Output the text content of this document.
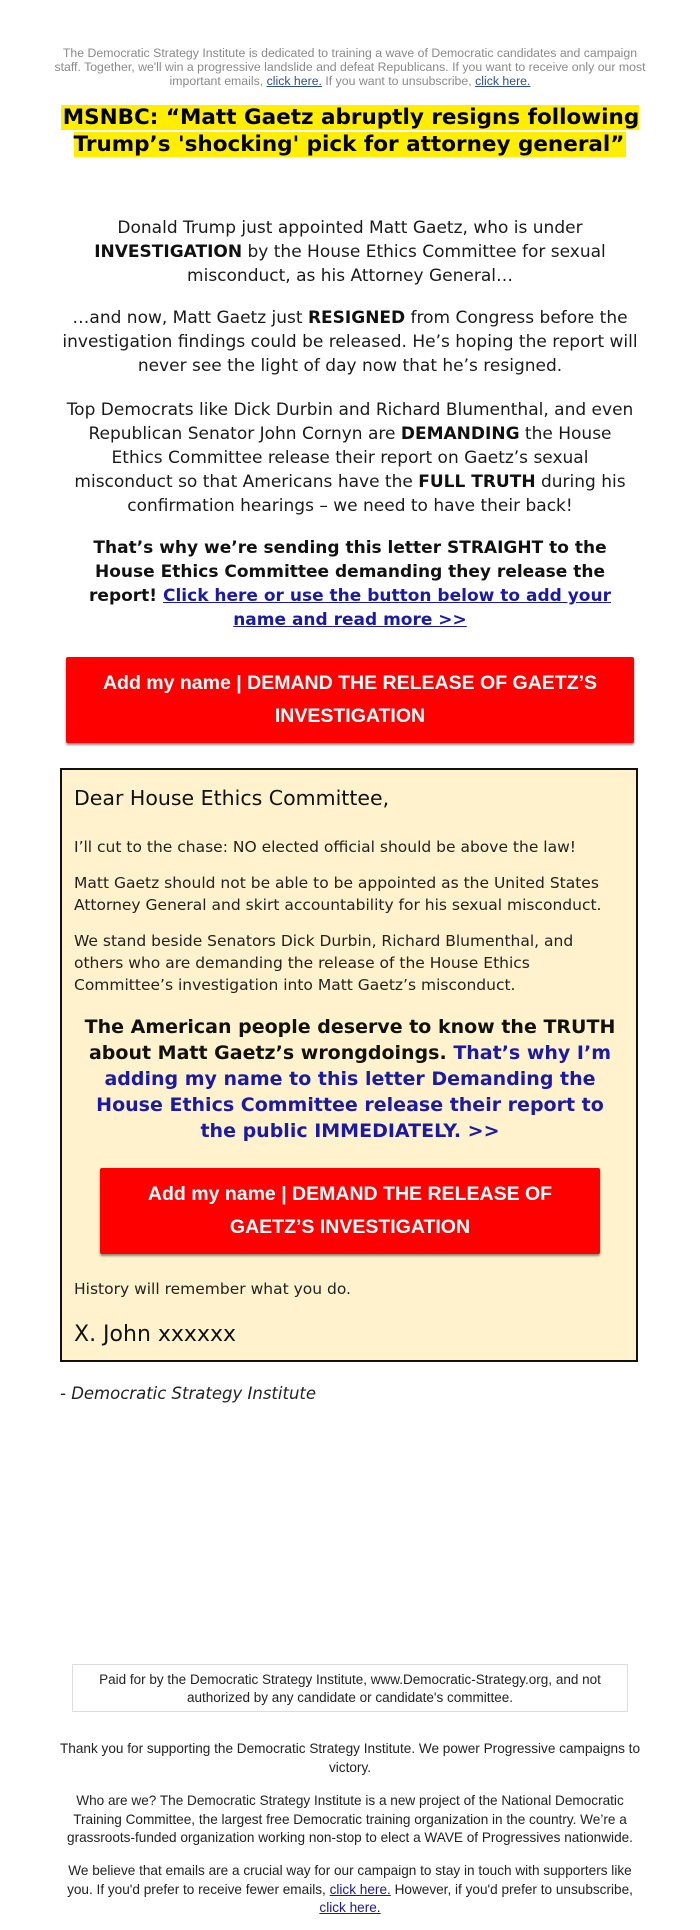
The Democratic Strategy Institute is dedicated to training a wave of Democratic candidates and campaign staff. Together, we'll win a progressive landslide and defeat Republicans. If you want to receive only our most important emails, click here. If you want to unsubscribe, click here.
MSNBC: “Matt Gaetz abruptly resigns following Trump’s 'shocking' pick for attorney general”
Donald Trump just appointed Matt Gaetz, who is under INVESTIGATION by the House Ethics Committee for sexual misconduct, as his Attorney General…
…and now, Matt Gaetz just RESIGNED from Congress before the investigation findings could be released. He’s hoping the report will never see the light of day now that he’s resigned.
Top Democrats like Dick Durbin and Richard Blumenthal, and even Republican Senator John Cornyn are DEMANDING the House Ethics Committee release their report on Gaetz’s sexual misconduct so that Americans have the FULL TRUTH during his confirmation hearings – we need to have their back!
That’s why we’re sending this letter STRAIGHT to the House Ethics Committee demanding they release the report! Click here or use the button below to add your name and read more >>
Add my name | DEMAND THE RELEASE OF GAETZ’S
INVESTIGATION
Dear House Ethics Committee,
I’ll cut to the chase: NO elected official should be above the law!
Matt Gaetz should not be able to be appointed as the United States Attorney General and skirt accountability for his sexual misconduct.
We stand beside Senators Dick Durbin, Richard Blumenthal, and others who are demanding the release of the House Ethics Committee’s investigation into Matt Gaetz’s misconduct.
The American people deserve to know the TRUTH about Matt Gaetz’s wrongdoings. That’s why I’m adding my name to this letter Demanding the House Ethics Committee release their report to the public IMMEDIATELY. >>
Add my name | DEMAND THE RELEASE OF
GAETZ’S INVESTIGATION
History will remember what you do.
X. John xxxxxx
- Democratic Strategy Institute
Paid for by the Democratic Strategy Institute, www.Democratic-Strategy.org, and not authorized by any candidate or candidate's committee.
Thank you for supporting the Democratic Strategy Institute. We power Progressive campaigns to victory.
Who are we? The Democratic Strategy Institute is a new project of the National Democratic Training Committee, the largest free Democratic training organization in the country. We’re a grassroots-funded organization working non-stop to elect a WAVE of Progressives nationwide.
We believe that emails are a crucial way for our campaign to stay in touch with supporters like you. If you'd prefer to receive fewer emails, click here. However, if you'd prefer to unsubscribe, click here.
